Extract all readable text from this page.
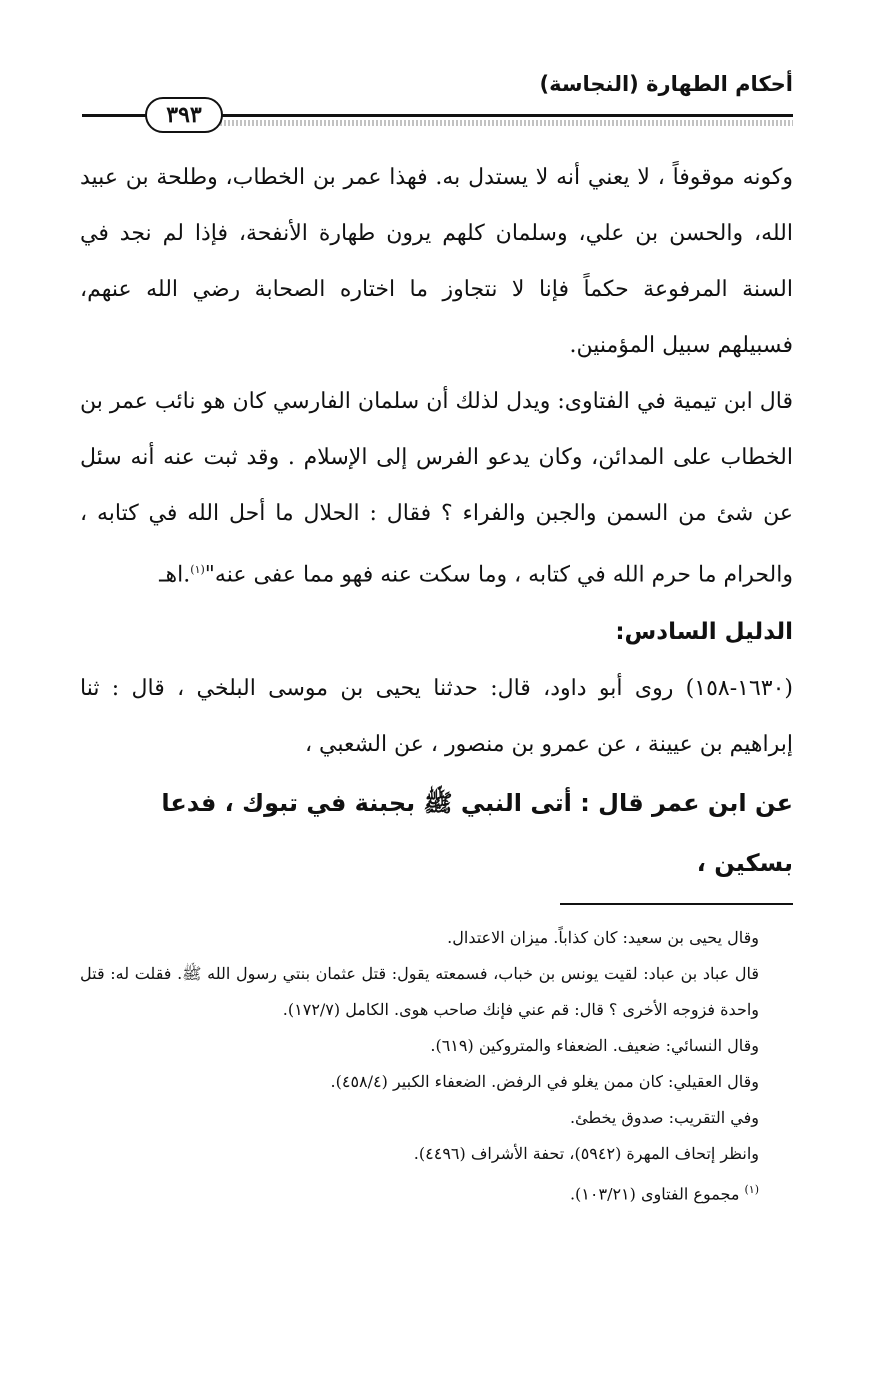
أحكام الطهارة (النجاسة)
٣٩٣

وكونه موقوفاً ، لا يعني أنه لا يستدل به. فهذا عمر بن الخطاب، وطلحة بن عبيد الله، والحسن بن علي، وسلمان كلهم يرون طهارة الأنفحة، فإذا لم نجد في السنة المرفوعة حكماً فإنا لا نتجاوز ما اختاره الصحابة رضي الله عنهم، فسبيلهم سبيل المؤمنين.

قال ابن تيمية في الفتاوى: ويدل لذلك أن سلمان الفارسي كان هو نائب عمر بن الخطاب على المدائن، وكان يدعو الفرس إلى الإسلام . وقد ثبت عنه أنه سئل عن شئ من السمن والجبن والفراء ؟ فقال : الحلال ما أحل الله في كتابه ، والحرام ما حرم الله في كتابه ، وما سكت عنه فهو مما عفى عنه"$^{(١)}$.اهـ

الدليل السادس:

(١٦٣٠-١٥٨) روى أبو داود، قال: حدثنا يحيى بن موسى البلخي ، قال : ثنا إبراهيم بن عيينة ، عن عمرو بن منصور ، عن الشعبي ،

عن ابن عمر قال : أتى النبي ﷺ بجبنة في تبوك ، فدعا بسكين ،

وقال يحيى بن سعيد: كان كذاباً. ميزان الاعتدال.

قال عباد بن عباد: لقيت يونس بن خباب، فسمعته يقول: قتل عثمان بنتي رسول الله ﷺ. فقلت له: قتل واحدة فزوجه الأخرى ؟ قال: قم عني فإنك صاحب هوى. الكامل (١٧٢/٧).

وقال النسائي: ضعيف. الضعفاء والمتروكين (٦١٩).

وقال العقيلي: كان ممن يغلو في الرفض. الضعفاء الكبير (٤٥٨/٤).

وفي التقريب: صدوق يخطئ.

وانظر إتحاف المهرة (٥٩٤٢)، تحفة الأشراف (٤٤٩٦).

$^{(١)}$ مجموع الفتاوى (١٠٣/٢١).
